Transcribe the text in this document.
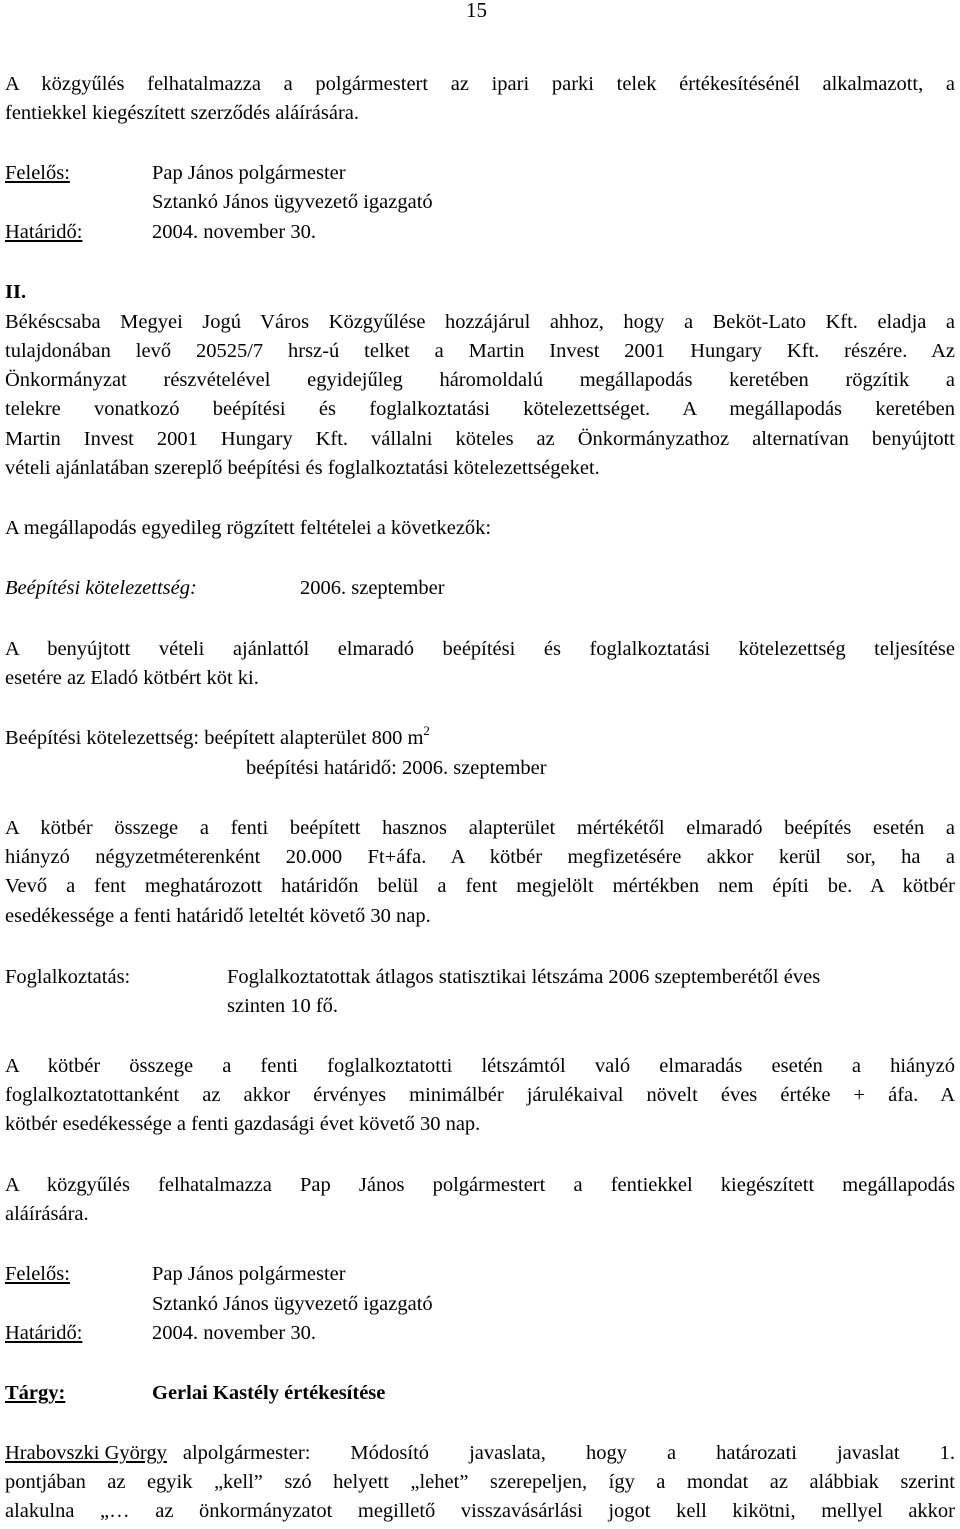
15
A közgyűlés felhatalmazza a polgármestert az ipari parki telek értékesítésénél alkalmazott, a
fentiekkel kiegészített szerződés aláírására.
Felelős:	Pap János polgármester
Sztankó János ügyvezető igazgató
Határidő:	2004. november 30.
II.
Békéscsaba Megyei Jogú Város Közgyűlése hozzájárul ahhoz, hogy a Beköt-Lato Kft. eladja a
tulajdonában levő 20525/7 hrsz-ú telket a Martin Invest 2001 Hungary Kft. részére. Az
Önkormányzat részvételével egyidejűleg háromoldalú megállapodás keretében rögzítik a
telekre vonatkozó beépítési és foglalkoztatási kötelezettséget. A megállapodás keretében
Martin Invest 2001 Hungary Kft. vállalni köteles az Önkormányzathoz alternatívan benyújtott
vételi ajánlatában szereplő beépítési és foglalkoztatási kötelezettségeket.
A megállapodás egyedileg rögzített feltételei a következők:
Beépítési kötelezettség:	2006. szeptember
A benyújtott vételi ajánlattól elmaradó beépítési és foglalkoztatási kötelezettség teljesítése
esetére az Eladó kötbért köt ki.
Beépítési kötelezettség: beépített alapterület 800 $m^2$
beépítési határidő: 2006. szeptember
A kötbér összege a fenti beépített hasznos alapterület mértékétől elmaradó beépítés esetén a
hiányzó négyzetméterenként 20.000 Ft+áfa. A kötbér megfizetésére akkor kerül sor, ha a
Vevő a fent meghatározott határidőn belül a fent megjelölt mértékben nem építi be. A kötbér
esedékessége a fenti határidő leteltét követő 30 nap.
Foglalkoztatás:	Foglalkoztatottak átlagos statisztikai létszáma 2006 szeptemberétől éves
szinten 10 fő.
A kötbér összege a fenti foglalkoztatotti létszámtól való elmaradás esetén a hiányzó
foglalkoztatottanként az akkor érvényes minimálbér járulékaival növelt éves értéke + áfa. A
kötbér esedékessége a fenti gazdasági évet követő 30 nap.
A közgyűlés felhatalmazza Pap János polgármestert a fentiekkel kiegészített megállapodás
aláírására.
Felelős:	Pap János polgármester
Sztankó János ügyvezető igazgató
Határidő:	2004. november 30.
Tárgy:	Gerlai Kastély értékesítése
Hrabovszki György alpolgármester: Módosító javaslata, hogy a határozati javaslat 1.
pontjában az egyik „kell” szó helyett „lehet” szerepeljen, így a mondat az alábbiak szerint
alakulna „… az önkormányzatot megillető visszavásárlási jogot kell kikötni, mellyel akkor
